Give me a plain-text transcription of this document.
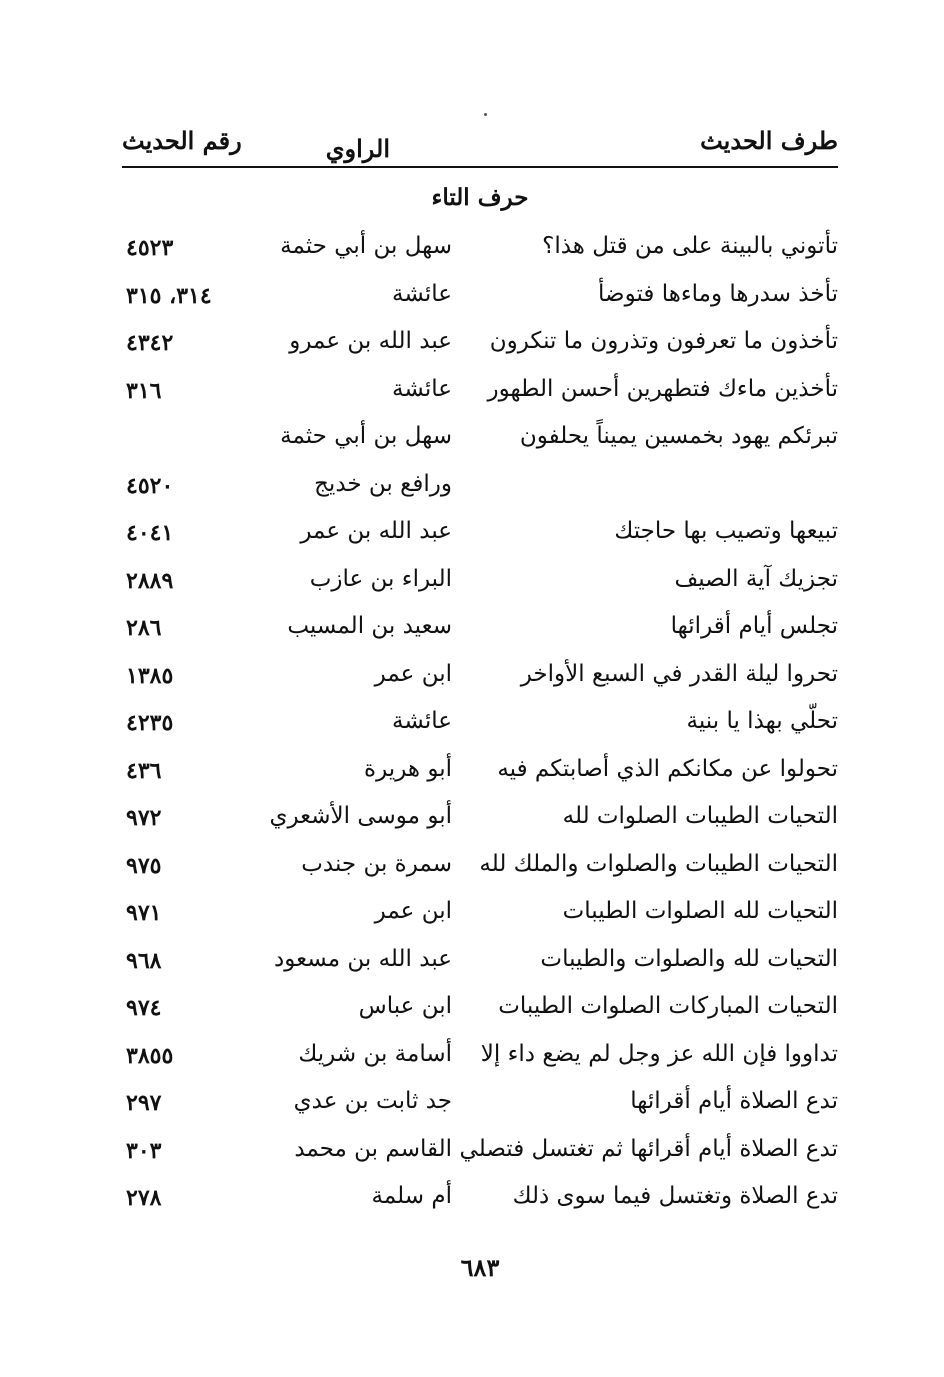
طرف الحديث
الراوي
رقم الحديث
حرف التاء
تأتوني بالبينة على من قتل هذا؟
سهل بن أبي حثمة
٤٥٢٣
تأخذ سدرها وماءها فتوضأ
عائشة
٣١٤، ٣١٥
تأخذون ما تعرفون وتذرون ما تنكرون
عبد الله بن عمرو
٤٣٤٢
تأخذين ماءك فتطهرين أحسن الطهور
عائشة
٣١٦
تبرئكم يهود بخمسين يميناً يحلفون
سهل بن أبي حثمة
ورافع بن خديج
٤٥٢٠
تبيعها وتصيب بها حاجتك
عبد الله بن عمر
٤٠٤١
تجزيك آية الصيف
البراء بن عازب
٢٨٨٩
تجلس أيام أقرائها
سعيد بن المسيب
٢٨٦
تحروا ليلة القدر في السبع الأواخر
ابن عمر
١٣٨٥
تحلّي بهذا يا بنية
عائشة
٤٢٣٥
تحولوا عن مكانكم الذي أصابتكم فيه
أبو هريرة
٤٣٦
التحيات الطيبات الصلوات لله
أبو موسى الأشعري
٩٧٢
التحيات الطيبات والصلوات والملك لله
سمرة بن جندب
٩٧٥
التحيات لله الصلوات الطيبات
ابن عمر
٩٧١
التحيات لله والصلوات والطيبات
عبد الله بن مسعود
٩٦٨
التحيات المباركات الصلوات الطيبات
ابن عباس
٩٧٤
تداووا فإن الله عز وجل لم يضع داء إلا
أسامة بن شريك
٣٨٥٥
تدع الصلاة أيام أقرائها
جد ثابت بن عدي
٢٩٧
تدع الصلاة أيام أقرائها ثم تغتسل فتصلي
القاسم بن محمد
٣٠٣
تدع الصلاة وتغتسل فيما سوى ذلك
أم سلمة
٢٧٨
٦٨٣
